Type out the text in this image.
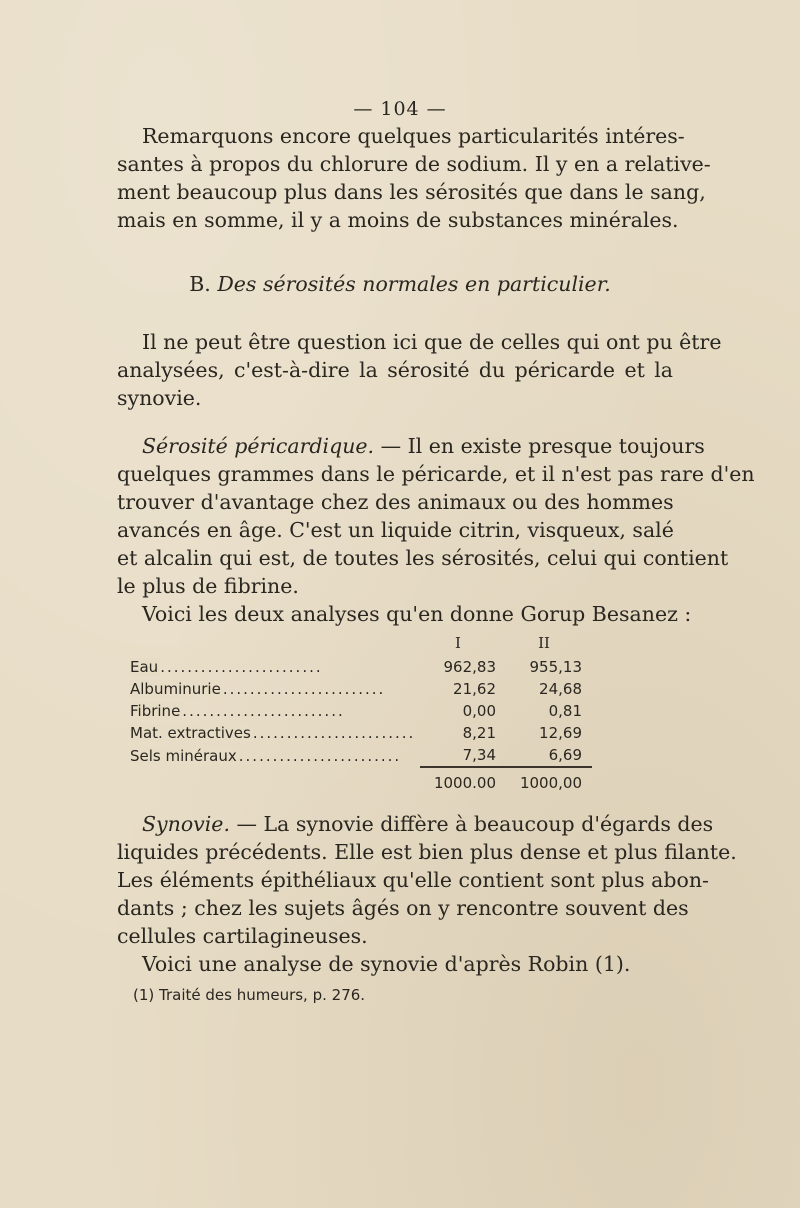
— 104 —
Remarquons encore quelques particularités intéres-
santes à propos du chlorure de sodium. Il y en a relative-
ment beaucoup plus dans les sérosités que dans le sang,
mais en somme, il y a moins de substances minérales.
B. Des sérosités normales en particulier.
Il ne peut être question ici que de celles qui ont pu être
analysées, c'est-à-dire la sérosité du péricarde et la
synovie.
Sérosité péricardique. — Il en existe presque toujours
quelques grammes dans le péricarde, et il n'est pas rare d'en
trouver d'avantage chez des animaux ou des hommes
avancés en âge. C'est un liquide citrin, visqueux, salé
et alcalin qui est, de toutes les sérosités, celui qui contient
le plus de fibrine.
Voici les deux analyses qu'en donne Gorup Besanez :
	I	II
Eau ........................	962,83	955,13
Albuminurie ........................	21,62	24,68
Fibrine ........................	0,00	0,81
Mat. extractives ........................	8,21	12,69
Sels minéraux ........................	7,34	6,69
	1000.00	1000,00
Synovie. — La synovie diffère à beaucoup d'égards des
liquides précédents. Elle est bien plus dense et plus filante.
Les éléments épithéliaux qu'elle contient sont plus abon-
dants ; chez les sujets âgés on y rencontre souvent des
cellules cartilagineuses.
Voici une analyse de synovie d'après Robin (1).
(1) Traité des humeurs, p. 276.
